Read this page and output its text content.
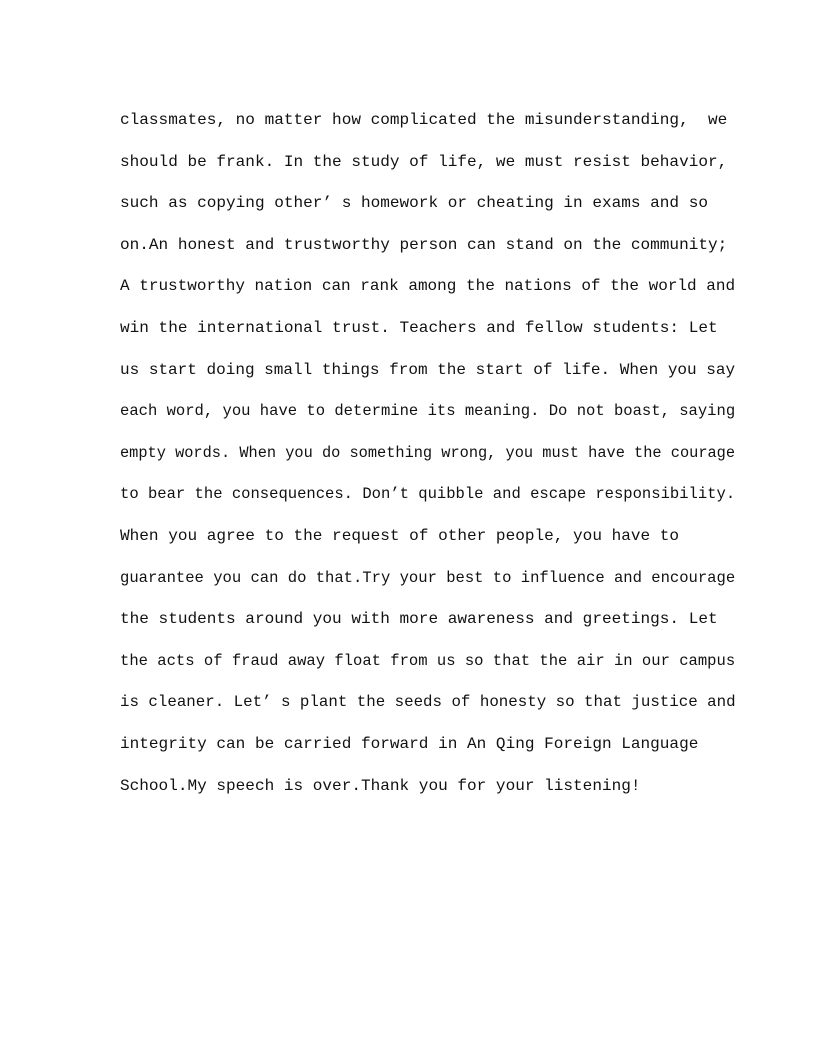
classmates, no matter how complicated the misunderstanding,  we
should be frank. In the study of life, we must resist behavior,
such as copying other’ s homework or cheating in exams and so
on.An honest and trustworthy person can stand on the community;
A trustworthy nation can rank among the nations of the world and
win the international trust. Teachers and fellow students: Let
us start doing small things from the start of life. When you say
each word, you have to determine its meaning. Do not boast, saying
empty words. When you do something wrong, you must have the courage
to bear the consequences. Don’t quibble and escape responsibility.
When you agree to the request of other people, you have to
guarantee you can do that.Try your best to influence and encourage
the students around you with more awareness and greetings. Let
the acts of fraud away float from us so that the air in our campus
is cleaner. Let’ s plant the seeds of honesty so that justice and
integrity can be carried forward in An Qing Foreign Language
School.My speech is over.Thank you for your listening!
